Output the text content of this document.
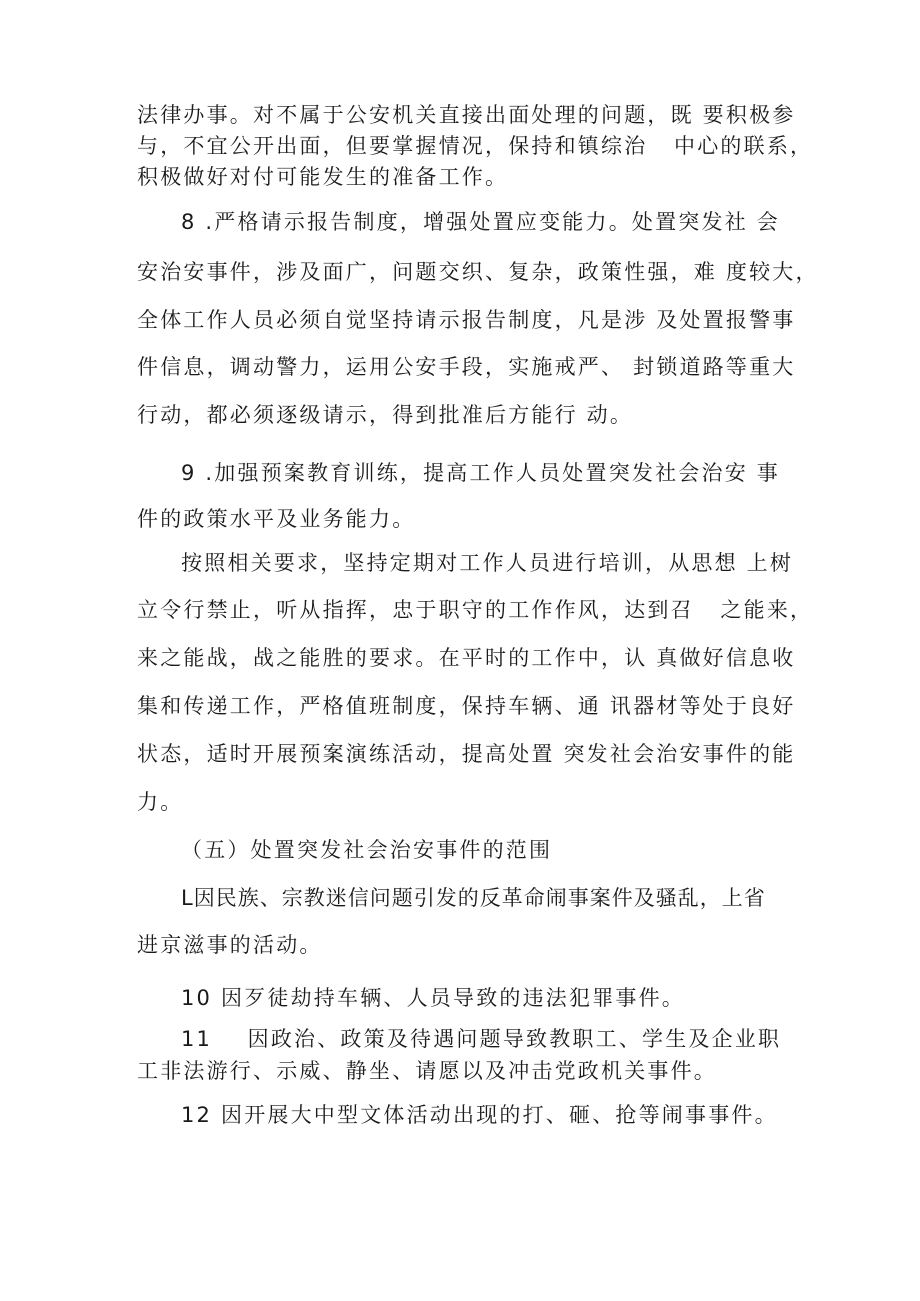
法律办事。对不属于公安机关直接出面处理的问题，既 要积极参
与，不宜公开出面，但要掌握情况，保持和镇综治   中心的联系，
积极做好对付可能发生的准备工作。
8 .严格请示报告制度，增强处置应变能力。处置突发社 会
安治安事件，涉及面广，问题交织、复杂，政策性强，难 度较大，
全体工作人员必须自觉坚持请示报告制度，凡是涉 及处置报警事
件信息，调动警力，运用公安手段，实施戒严、 封锁道路等重大
行动，都必须逐级请示，得到批准后方能行 动。
9 .加强预案教育训练，提高工作人员处置突发社会治安 事
件的政策水平及业务能力。
按照相关要求，坚持定期对工作人员进行培训，从思想 上树
立令行禁止，听从指挥，忠于职守的工作作风，达到召   之能来，
来之能战，战之能胜的要求。在平时的工作中，认 真做好信息收
集和传递工作，严格值班制度，保持车辆、通 讯器材等处于良好
状态，适时开展预案演练活动，提高处置 突发社会治安事件的能
力。
（五）处置突发社会治安事件的范围
L因民族、宗教迷信问题引发的反革命闹事案件及骚乱，上省
进京滋事的活动。
10 因歹徒劫持车辆、人员导致的违法犯罪事件。
11    因政治、政策及待遇问题导致教职工、学生及企业职
工非法游行、示威、静坐、请愿以及冲击党政机关事件。
12 因开展大中型文体活动出现的打、砸、抢等闹事事件。
